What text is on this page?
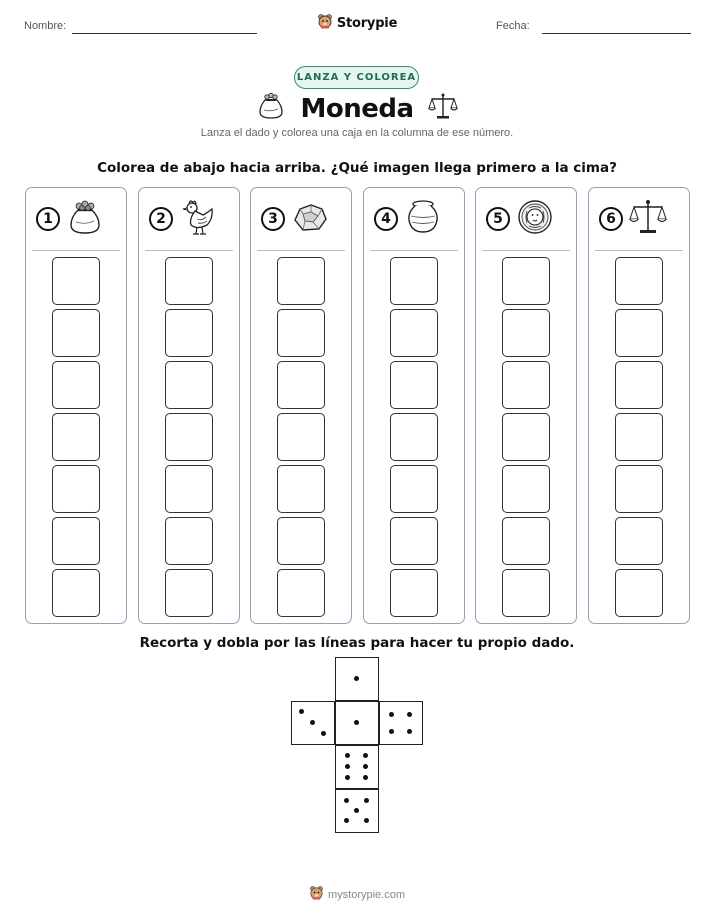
Nombre:	Storypie	Fecha:
LANZA Y COLOREA
Moneda
Lanza el dado y colorea una caja en la columna de ese número.
Colorea de abajo hacia arriba. ¿Qué imagen llega primero a la cima?
1	2	3	4	5	6
Recorta y dobla por las líneas para hacer tu propio dado.
mystorypie.com
